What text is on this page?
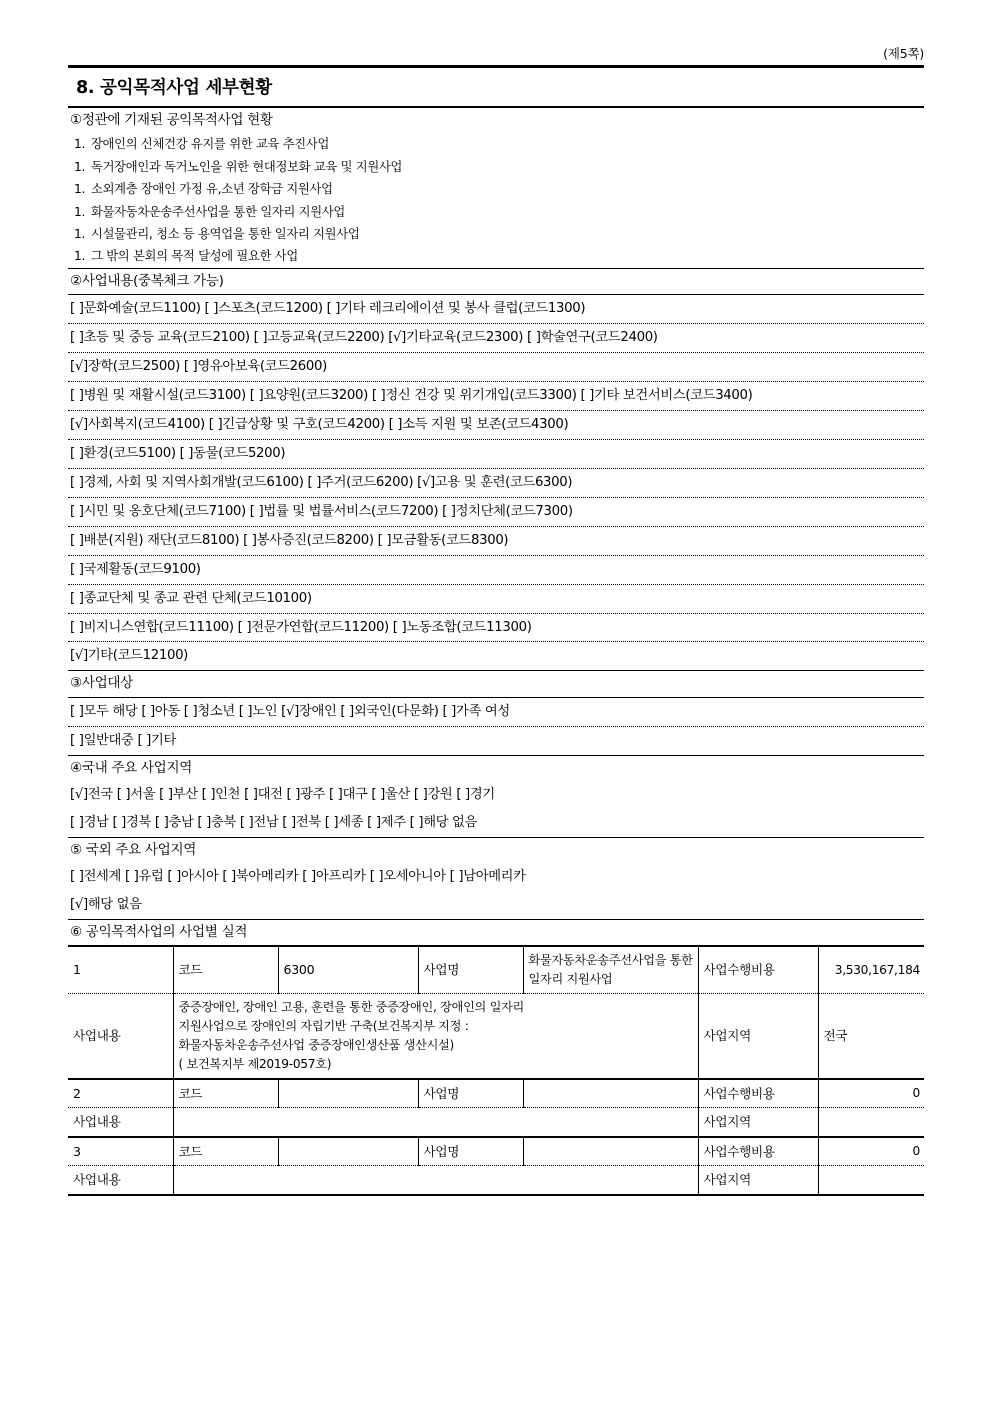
(제5쪽)
8. 공익목적사업 세부현황
①정관에 기재된 공익목적사업 현황
1. 장애인의 신체건강 유지를 위한 교육 추진사업
1. 독거장애인과 독거노인을 위한 현대정보화 교육 및 지원사업
1. 소외계층 장애인 가정 유,소년 장학금 지원사업
1. 화물자동차운송주선사업을 통한 일자리 지원사업
1. 시설물관리, 청소 등 용역업을 통한 일자리 지원사업
1. 그 밖의 본회의 목적 달성에 필요한 사업
②사업내용(중복체크 가능)
[ ]문화예술(코드1100) [ ]스포츠(코드1200) [ ]기타 레크리에이션 및 봉사 클럽(코드1300)
[ ]초등 및 중등 교육(코드2100) [ ]고등교육(코드2200) [√]기타교육(코드2300) [ ]학술연구(코드2400)
[√]장학(코드2500) [ ]영유아보육(코드2600)
[ ]병원 및 재활시설(코드3100) [ ]요양원(코드3200) [ ]정신 건강 및 위기개입(코드3300) [ ]기타 보건서비스(코드3400)
[√]사회복지(코드4100) [ ]긴급상황 및 구호(코드4200) [ ]소득 지원 및 보존(코드4300)
[ ]환경(코드5100) [ ]동물(코드5200)
[ ]경제, 사회 및 지역사회개발(코드6100) [ ]주거(코드6200) [√]고용 및 훈련(코드6300)
[ ]시민 및 옹호단체(코드7100) [ ]법률 및 법률서비스(코드7200) [ ]정치단체(코드7300)
[ ]배분(지원) 재단(코드8100) [ ]봉사증진(코드8200) [ ]모금활동(코드8300)
[ ]국제활동(코드9100)
[ ]종교단체 및 종교 관련 단체(코드10100)
[ ]비지니스연합(코드11100) [ ]전문가연합(코드11200) [ ]노동조합(코드11300)
[√]기타(코드12100)
③사업대상
[ ]모두 해당 [ ]아동 [ ]청소년 [ ]노인 [√]장애인 [ ]외국인(다문화) [ ]가족 여성
[ ]일반대중 [ ]기타
④국내 주요 사업지역
[√]전국 [ ]서울 [ ]부산 [ ]인천 [ ]대전 [ ]광주 [ ]대구 [ ]울산 [ ]강원 [ ]경기
[ ]경남 [ ]경북 [ ]충남 [ ]충북 [ ]전남 [ ]전북 [ ]세종 [ ]제주 [ ]해당 없음
⑤ 국외 주요 사업지역
[ ]전세계 [ ]유럽 [ ]아시아 [ ]북아메리카 [ ]아프리카 [ ]오세아니아 [ ]남아메리카
[√]해당 없음
⑥ 공익목적사업의 사업별 실적
1	코드	6300	사업명	화물자동차운송주선사업을 통한 일자리 지원사업	사업수행비용	3,530,167,184
사업내용	중증장애인, 장애인 고용, 훈련을 통한 중증장애인, 장애인의 일자리
지원사업으로 장애인의 자립기반 구축(보건복지부 지정 :
화물자동차운송주선사업 중증장애인생산품 생산시설)
( 보건복지부 제2019-057호)				사업지역	전국
2	코드		사업명		사업수행비용	0
사업내용					사업지역	
3	코드		사업명		사업수행비용	0
사업내용					사업지역	
